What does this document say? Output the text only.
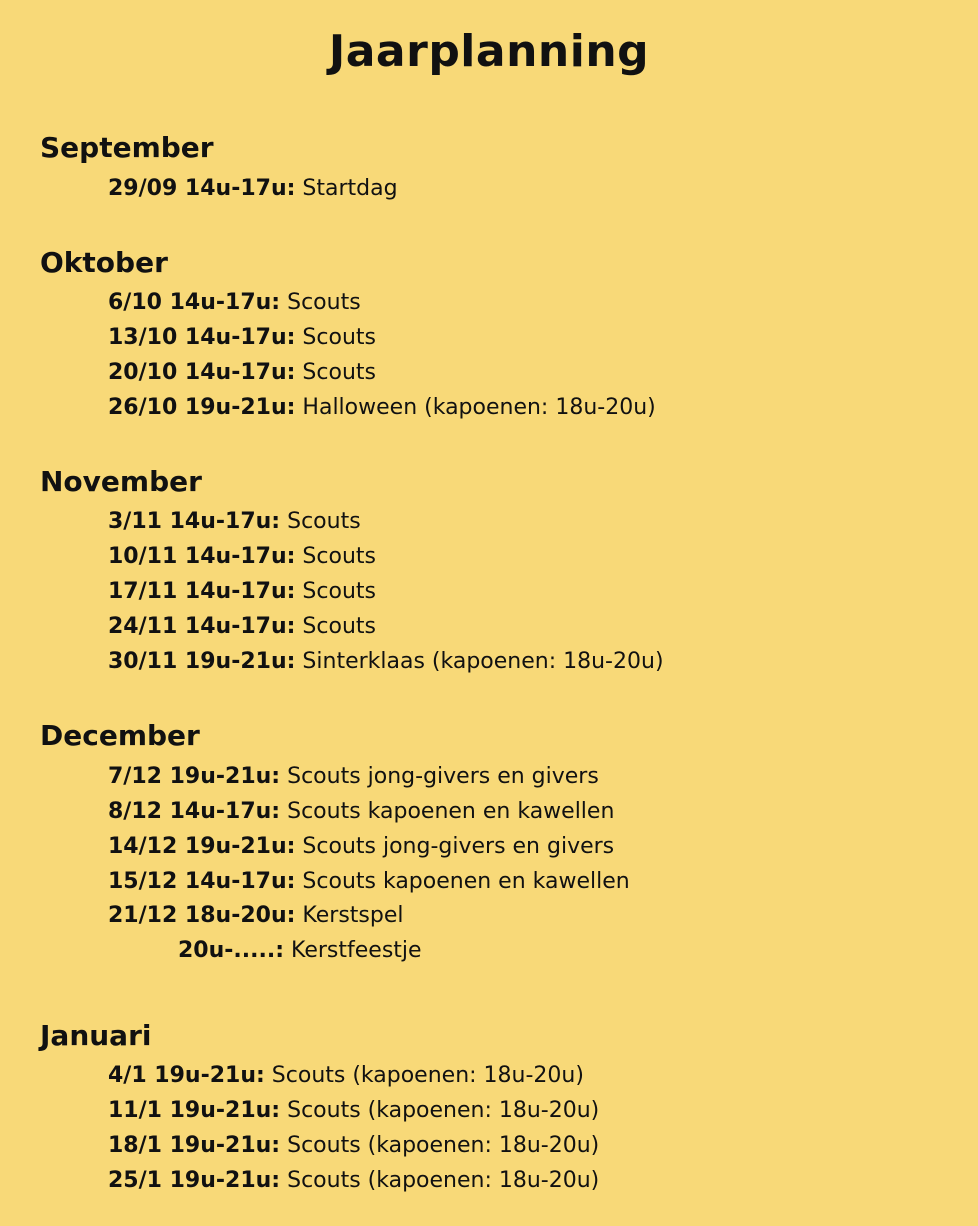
Jaarplanning
September
29/09 14u-17u: Startdag
Oktober
6/10 14u-17u: Scouts
13/10 14u-17u: Scouts
20/10 14u-17u: Scouts
26/10 19u-21u: Halloween (kapoenen: 18u-20u)
November
3/11 14u-17u: Scouts
10/11 14u-17u: Scouts
17/11 14u-17u: Scouts
24/11 14u-17u: Scouts
30/11 19u-21u: Sinterklaas (kapoenen: 18u-20u)
December
7/12 19u-21u: Scouts jong-givers en givers
8/12 14u-17u: Scouts kapoenen en kawellen
14/12 19u-21u: Scouts jong-givers en givers
15/12 14u-17u: Scouts kapoenen en kawellen
21/12 18u-20u: Kerstspel
20u-.....: Kerstfeestje
Januari
4/1 19u-21u: Scouts (kapoenen: 18u-20u)
11/1 19u-21u: Scouts (kapoenen: 18u-20u)
18/1 19u-21u: Scouts (kapoenen: 18u-20u)
25/1 19u-21u: Scouts (kapoenen: 18u-20u)
